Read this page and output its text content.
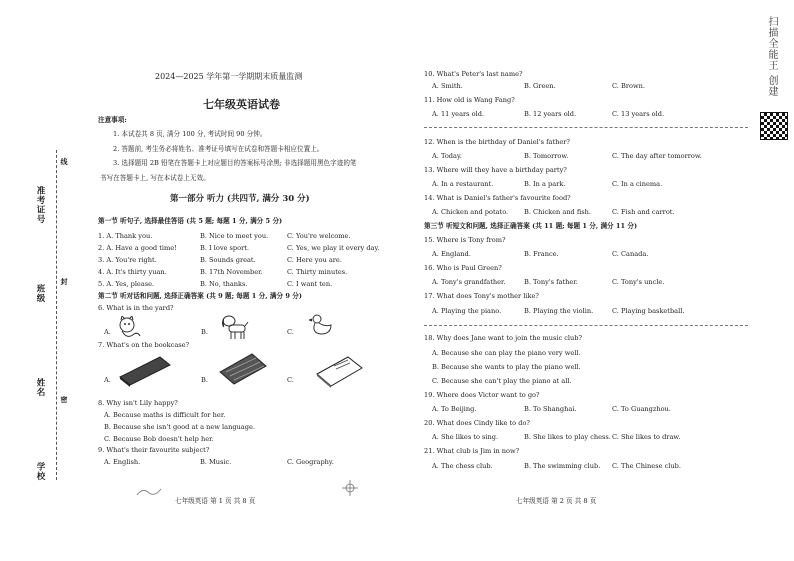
准考证号
班级
姓名
学校
线
封
密
2024—2025 学年第一学期期末质量监测
七年级英语试卷
注意事项:
1. 本试卷共 8 页, 满分 100 分, 考试时间 90 分钟。
2. 答题前, 考生务必将姓名、准考证号填写在试卷和答题卡相应位置上。
3. 选择题用 2B 铅笔在答题卡上对应题目的答案标号涂黑; 非选择题用黑色字迹的笔
书写在答题卡上, 写在本试卷上无效。
第一部分 听力 (共四节, 满分 30 分)
第一节 听句子, 选择最佳答语 (共 5 题; 每题 1 分, 满分 5 分)
1. A. Thank you.	B. Nice to meet you.	C. You're welcome.
2. A. Have a good time!	B. I love sport.	C. Yes, we play it every day.
3. A. You're right.	B. Sounds great.	C. Here you are.
4. A. It's thirty yuan.	B. 17th November.	C. Thirty minutes.
5. A. Yes, please.	B. No, thanks.	C. I want ten.
第二节 听对话和问题, 选择正确答案 (共 9 题; 每题 1 分, 满分 9 分)
6. What is in the yard?
A.	B.	C.
7. What's on the bookcase?
A.	B.	C.
8. Why isn't Lily happy?
A. Because maths is difficult for her.
B. Because she isn't good at a new language.
C. Because Bob doesn't help her.
9. What's their favourite subject?
A. English.	B. Music.	C. Geography.
七年级英语 第 1 页 共 8 页
10. What's Peter's last name?
A. Smith.	B. Green.	C. Brown.
11. How old is Wang Fang?
A. 11 years old.	B. 12 years old.	C. 13 years old.
12. When is the birthday of Daniel's father?
A. Today.	B. Tomorrow.	C. The day after tomorrow.
13. Where will they have a birthday party?
A. In a restaurant.	B. In a park.	C. In a cinema.
14. What is Daniel's father's favourite food?
A. Chicken and potato. B. Chicken and fish.	C. Fish and carrot.
第三节 听短文和问题, 选择正确答案 (共 11 题; 每题 1 分, 满分 11 分)
15. Where is Tony from?
A. England.	B. France.	C. Canada.
16. Who is Paul Green?
A. Tony's grandfather.	B. Tony's father.	C. Tony's uncle.
17. What does Tony's mother like?
A. Playing the piano.	B. Playing the violin.	C. Playing basketball.
18. Why does Jane want to join the music club?
A. Because she can play the piano very well.
B. Because she wants to play the piano well.
C. Because she can't play the piano at all.
19. Where does Victor want to go?
A. To Beijing.	B. To Shanghai.	C. To Guangzhou.
20. What does Cindy like to do?
A. She likes to sing.	B. She likes to play chess. C. She likes to draw.
21. What club is Jim in now?
A. The chess club.	B. The swimming club. C. The Chinese club.
七年级英语 第 2 页 共 8 页
扫描全能王 创建
